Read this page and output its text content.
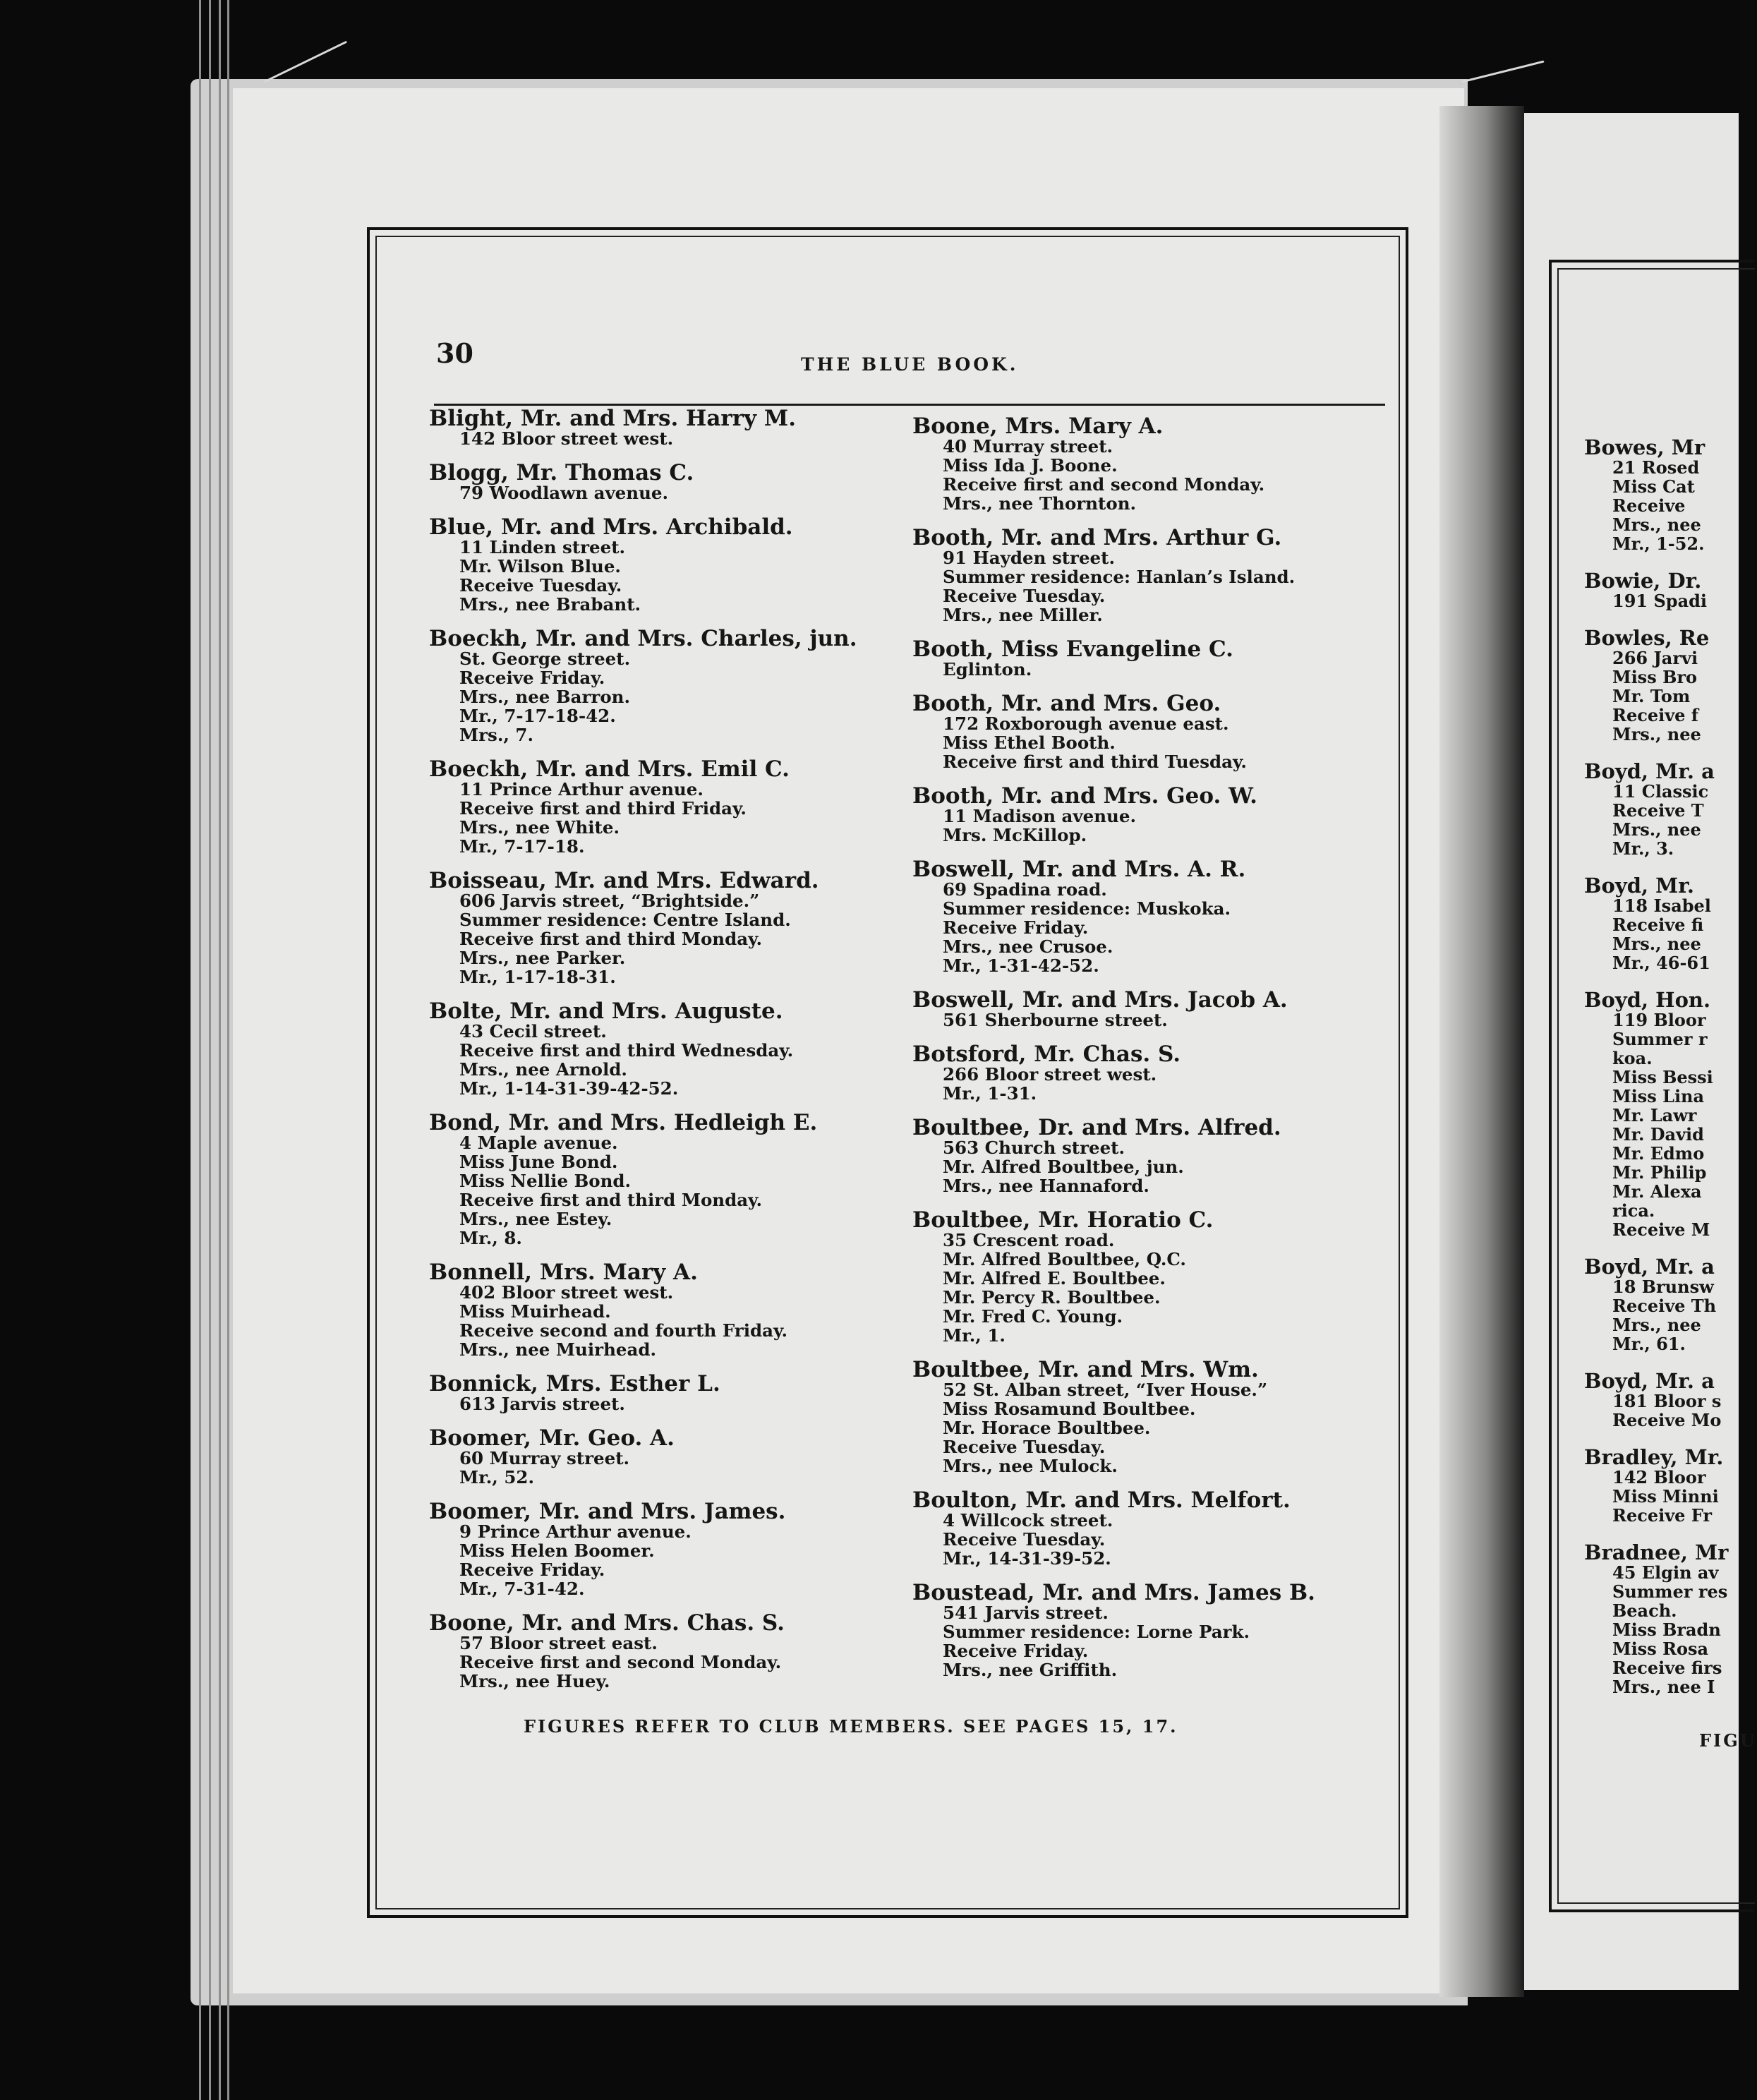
30	THE BLUE BOOK.
Blight, Mr. and Mrs. Harry M.
142 Bloor street west.
Blogg, Mr. Thomas C.
79 Woodlawn avenue.
Blue, Mr. and Mrs. Archibald.
11 Linden street.
Mr. Wilson Blue.
Receive Tuesday.
Mrs., nee Brabant.
Boeckh, Mr. and Mrs. Charles, jun.
St. George street.
Receive Friday.
Mrs., nee Barron.
Mr., 7-17-18-42.
Mrs., 7.
Boeckh, Mr. and Mrs. Emil C.
11 Prince Arthur avenue.
Receive first and third Friday.
Mrs., nee White.
Mr., 7-17-18.
Boisseau, Mr. and Mrs. Edward.
606 Jarvis street, “Brightside.”
Summer residence: Centre Island.
Receive first and third Monday.
Mrs., nee Parker.
Mr., 1-17-18-31.
Bolte, Mr. and Mrs. Auguste.
43 Cecil street.
Receive first and third Wednesday.
Mrs., nee Arnold.
Mr., 1-14-31-39-42-52.
Bond, Mr. and Mrs. Hedleigh E.
4 Maple avenue.
Miss June Bond.
Miss Nellie Bond.
Receive first and third Monday.
Mrs., nee Estey.
Mr., 8.
Bonnell, Mrs. Mary A.
402 Bloor street west.
Miss Muirhead.
Receive second and fourth Friday.
Mrs., nee Muirhead.
Bonnick, Mrs. Esther L.
613 Jarvis street.
Boomer, Mr. Geo. A.
60 Murray street.
Mr., 52.
Boomer, Mr. and Mrs. James.
9 Prince Arthur avenue.
Miss Helen Boomer.
Receive Friday.
Mr., 7-31-42.
Boone, Mr. and Mrs. Chas. S.
57 Bloor street east.
Receive first and second Monday.
Mrs., nee Huey.
Boone, Mrs. Mary A.
40 Murray street.
Miss Ida J. Boone.
Receive first and second Monday.
Mrs., nee Thornton.
Booth, Mr. and Mrs. Arthur G.
91 Hayden street.
Summer residence: Hanlan’s Island.
Receive Tuesday.
Mrs., nee Miller.
Booth, Miss Evangeline C.
Eglinton.
Booth, Mr. and Mrs. Geo.
172 Roxborough avenue east.
Miss Ethel Booth.
Receive first and third Tuesday.
Booth, Mr. and Mrs. Geo. W.
11 Madison avenue.
Mrs. McKillop.
Boswell, Mr. and Mrs. A. R.
69 Spadina road.
Summer residence: Muskoka.
Receive Friday.
Mrs., nee Crusoe.
Mr., 1-31-42-52.
Boswell, Mr. and Mrs. Jacob A.
561 Sherbourne street.
Botsford, Mr. Chas. S.
266 Bloor street west.
Mr., 1-31.
Boultbee, Dr. and Mrs. Alfred.
563 Church street.
Mr. Alfred Boultbee, jun.
Mrs., nee Hannaford.
Boultbee, Mr. Horatio C.
35 Crescent road.
Mr. Alfred Boultbee, Q.C.
Mr. Alfred E. Boultbee.
Mr. Percy R. Boultbee.
Mr. Fred C. Young.
Mr., 1.
Boultbee, Mr. and Mrs. Wm.
52 St. Alban street, “Iver House.”
Miss Rosamund Boultbee.
Mr. Horace Boultbee.
Receive Tuesday.
Mrs., nee Mulock.
Boulton, Mr. and Mrs. Melfort.
4 Willcock street.
Receive Tuesday.
Mr., 14-31-39-52.
Boustead, Mr. and Mrs. James B.
541 Jarvis street.
Summer residence: Lorne Park.
Receive Friday.
Mrs., nee Griffith.
Bowes, Mr
21 Rosed
Miss Cat
Receive
Mrs., nee
Mr., 1-52.
Bowie, Dr.
191 Spadi
Bowles, Re
266 Jarvi
Miss Bro
Mr. Tom
Receive f
Mrs., nee
Boyd, Mr. a
11 Classic
Receive T
Mrs., nee
Mr., 3.
Boyd, Mr.
118 Isabel
Receive fi
Mrs., nee
Mr., 46-61
Boyd, Hon.
119 Bloor
Summer r
koa.
Miss Bessi
Miss Lina
Mr. Lawr
Mr. David
Mr. Edmo
Mr. Philip
Mr. Alexa
rica.
Receive M
Boyd, Mr. a
18 Brunsw
Receive Th
Mrs., nee
Mr., 61.
Boyd, Mr. a
181 Bloor s
Receive Mo
Bradley, Mr.
142 Bloor
Miss Minni
Receive Fr
Bradnee, Mr
45 Elgin av
Summer res
Beach.
Miss Bradn
Miss Rosa
Receive firs
Mrs., nee I
FIGURES REFER TO CLUB MEMBERS. SEE PAGES 15, 17.
FIGU
